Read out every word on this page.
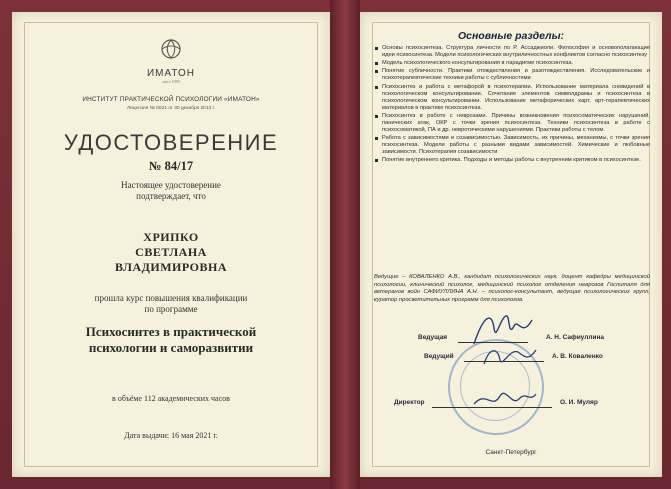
ИМАТОН
since 1990
ИНСТИТУТ ПРАКТИЧЕСКОЙ ПСИХОЛОГИИ «ИМАТОН»
Лицензия № 0021 от 30 декабря 2013 г.
УДОСТОВЕРЕНИЕ
№ 84/17
Настоящее удостоверение
подтверждает, что
ХРИПКО
СВЕТЛАНА
ВЛАДИМИРОВНА
прошла курс повышения квалификации
по программе
Психосинтез в практической
психологии и саморазвитии
в объёме 112 академических часов
Дата выдачи: 16 мая 2021 г.
Основные разделы:
Основы психосинтеза. Структура личности по Р. Ассаджиоли. Философия и основополагающие идеи психосинтеза. Модели психологических внутриличностных конфликтов согласно психосинтезу
Модель психологического консультирования в парадигме психосинтеза.
Понятие субличности. Практики отождествления и разотождествления. Исследовательские и психотерапевтические техники работы с субличностями
Психосинтез и работа с метафорой в психотерапии. Использование материала сновидений в психологическом консультировании. Сочетание элементов символдрамы и психосинтеза в психологическом консультировании. Использование метафорических карт, арт-терапевтических материалов в практике психосинтеза.
Психосинтез в работе с неврозами. Причины возникновения психосоматических нарушений, панических атак, ОКР с точки зрения психосинтеза. Техники психосинтеза в работе с психосоматикой, ПА и др. невротическими нарушениями. Практики работы с телом.
Работа с зависимостями и созависимостью. Зависимость, их причины, механизмы, с точки зрения психосинтеза. Модели работы с разными видами зависимостей. Химические и любовные зависимости. Психотерапия созависимости
Понятие внутреннего критика. Подходы и методы работы с внутренним критиком в психосинтезе.
Ведущие – КОВАЛЕНКО А.В., кандидат психологических наук, доцент кафедры медицинской психологии, клинический психолог, медицинский психолог отделения неврозов Госпиталя для ветеранов войн САФИУЛЛИНА А.Н. – психолог-консультант, ведущая психологических групп, куратор просветительных программ для психологов.
Ведущая	А. Н. Сафиуллина
Ведущий	А. В. Коваленко
Директор	О. И. Муляр
Санкт-Петербург
